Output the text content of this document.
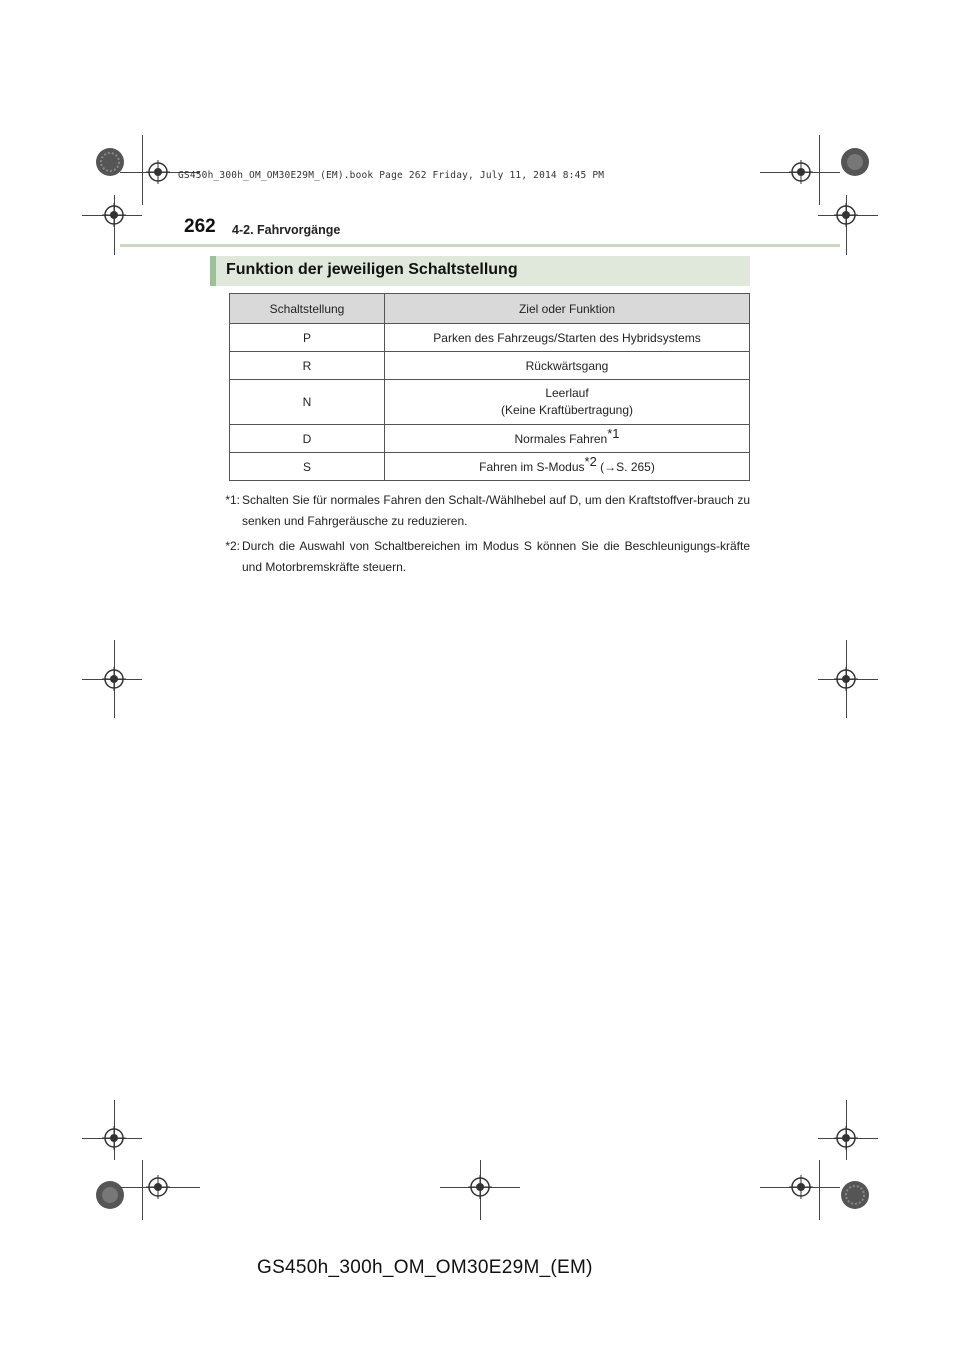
GS450h_300h_OM_OM30E29M_(EM).book Page 262 Friday, July 11, 2014 8:45 PM
262 4-2. Fahrvorgänge
Funktion der jeweiligen Schaltstellung
Schaltstellung	Ziel oder Funktion
P	Parken des Fahrzeugs/Starten des Hybridsystems
R	Rückwärtsgang
N	Leerlauf
(Keine Kraftübertragung)
D	Normales Fahren$^{*1}$
S	Fahren im S-Modus$^{*2}$ (→S. 265)
*1: Schalten Sie für normales Fahren den Schalt-/Wählhebel auf D, um den Kraftstoffver-brauch zu senken und Fahrgeräusche zu reduzieren.
*2: Durch die Auswahl von Schaltbereichen im Modus S können Sie die Beschleunigungs-kräfte und Motorbremskräfte steuern.
GS450h_300h_OM_OM30E29M_(EM)
